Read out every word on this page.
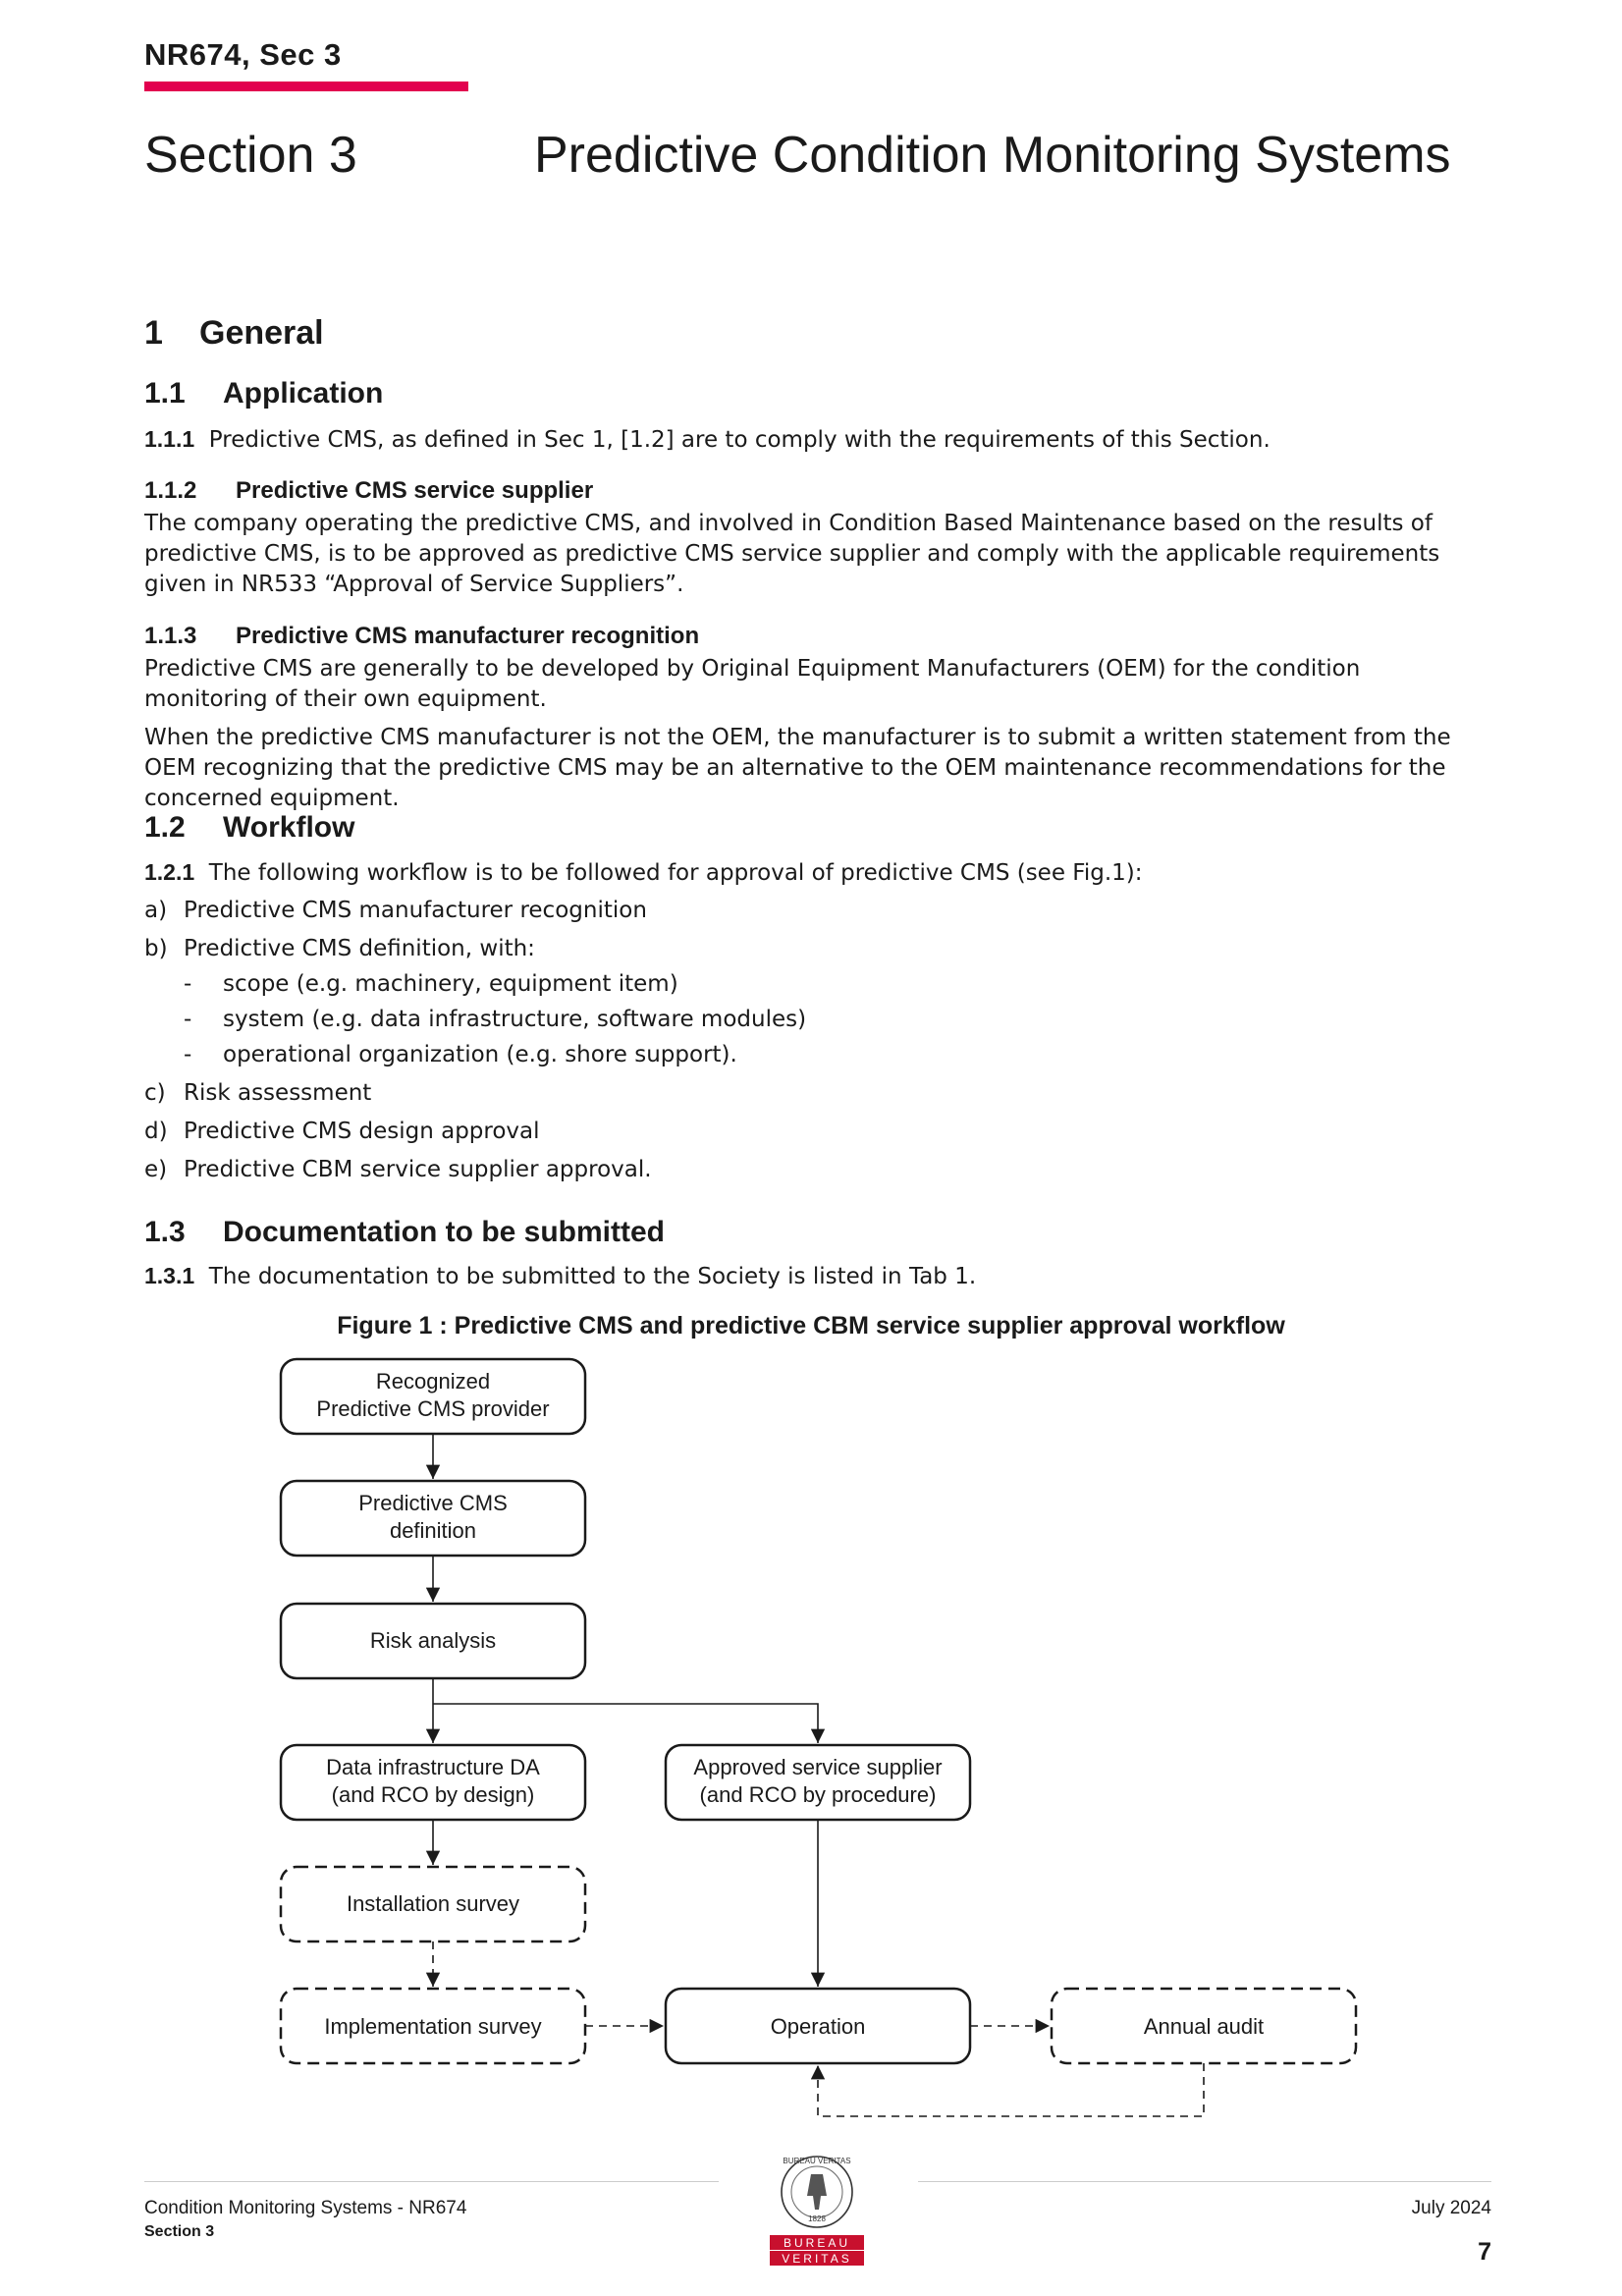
NR674, Sec 3
Section 3	Predictive Condition Monitoring Systems
1 General
1.1 Application
1.1.1 Predictive CMS, as defined in Sec 1, [1.2] are to comply with the requirements of this Section.
1.1.2 Predictive CMS service supplier
The company operating the predictive CMS, and involved in Condition Based Maintenance based on the results of predictive CMS, is to be approved as predictive CMS service supplier and comply with the applicable requirements given in NR533 “Approval of Service Suppliers”.
1.1.3 Predictive CMS manufacturer recognition
Predictive CMS are generally to be developed by Original Equipment Manufacturers (OEM) for the condition monitoring of their own equipment.
When the predictive CMS manufacturer is not the OEM, the manufacturer is to submit a written statement from the OEM recognizing that the predictive CMS may be an alternative to the OEM maintenance recommendations for the concerned equipment.
1.2 Workflow
1.2.1 The following workflow is to be followed for approval of predictive CMS (see Fig.1):
a) Predictive CMS manufacturer recognition
b) Predictive CMS definition, with:
- scope (e.g. machinery, equipment item)
- system (e.g. data infrastructure, software modules)
- operational organization (e.g. shore support).
c) Risk assessment
d) Predictive CMS design approval
e) Predictive CBM service supplier approval.
1.3 Documentation to be submitted
1.3.1 The documentation to be submitted to the Society is listed in Tab 1.
Figure 1 : Predictive CMS and predictive CBM service supplier approval workflow
Recognized
Predictive CMS provider
Predictive CMS
definition
Risk analysis
Data infrastructure DA
(and RCO by design)
Approved service supplier
(and RCO by procedure)
Installation survey
Implementation survey	Operation	Annual audit
BUREAU VERITAS
1828
BUREAU
VERITAS
Condition Monitoring Systems - NR674
Section 3
July 2024
7
